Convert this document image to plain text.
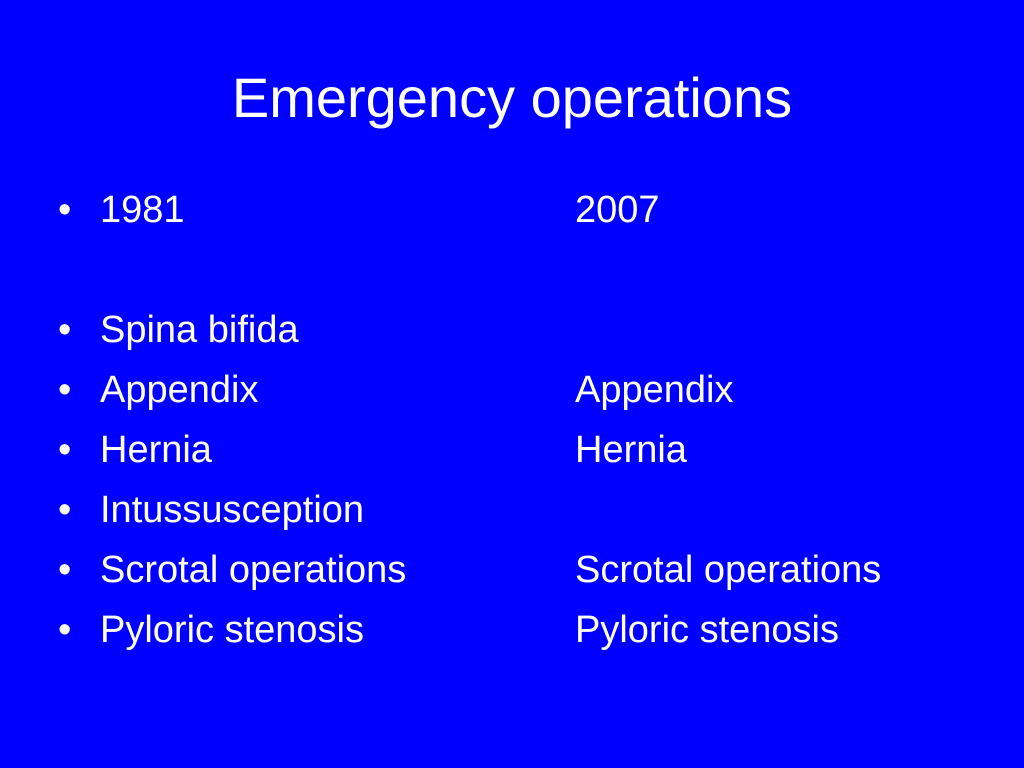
Emergency operations
• 1981	2007
• Spina bifida
• Appendix	Appendix
• Hernia	Hernia
• Intussusception
• Scrotal operations	Scrotal operations
• Pyloric stenosis	Pyloric stenosis
